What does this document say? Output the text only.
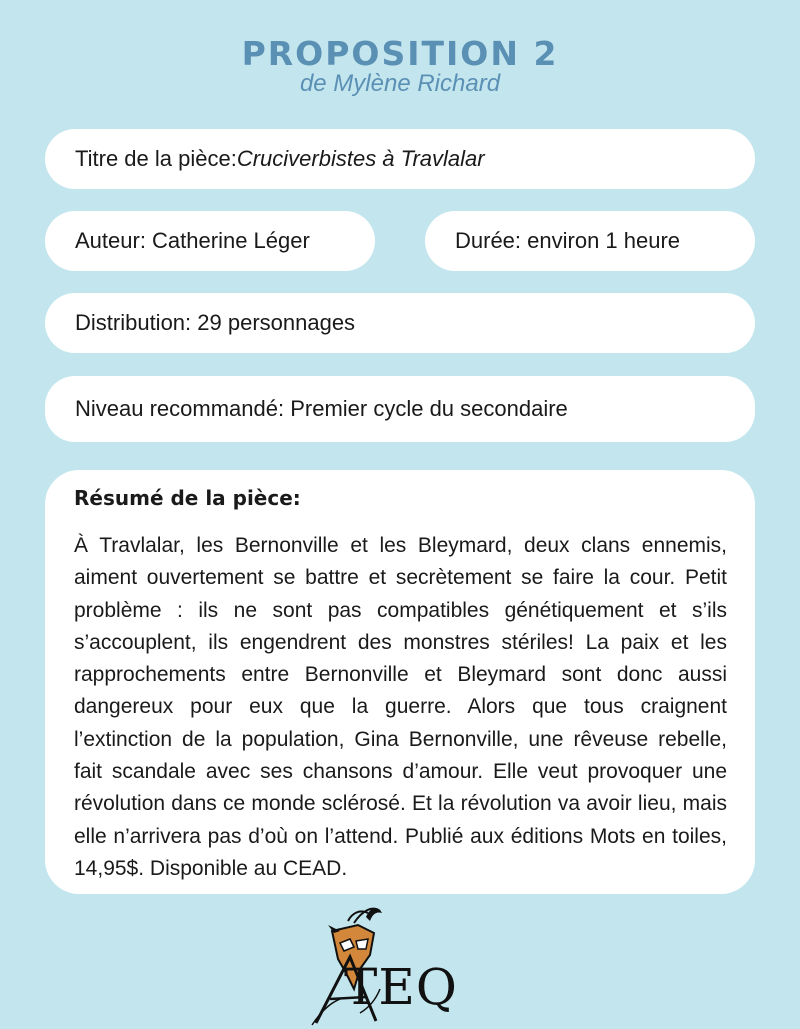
PROPOSITION 2
de Mylène Richard
Titre de la pièce: Cruciverbistes à Travlalar
Auteur: Catherine Léger	Durée: environ 1 heure
Distribution: 29 personnages
Niveau recommandé: Premier cycle du secondaire
Résumé de la pièce:

À Travlalar, les Bernonville et les Bleymard, deux clans ennemis, aiment ouvertement se battre et secrètement se faire la cour. Petit problème : ils ne sont pas compatibles génétiquement et s’ils s’accouplent, ils engendrent des monstres stériles! La paix et les rapprochements entre Bernonville et Bleymard sont donc aussi dangereux pour eux que la guerre. Alors que tous craignent l’extinction de la population, Gina Bernonville, une rêveuse rebelle, fait scandale avec ses chansons d’amour. Elle veut provoquer une révolution dans ce monde sclérosé. Et la révolution va avoir lieu, mais elle n’arrivera pas d’où on l’attend. Publié aux éditions Mots en toiles, 14,95$. Disponible au CEAD.

TEQ
